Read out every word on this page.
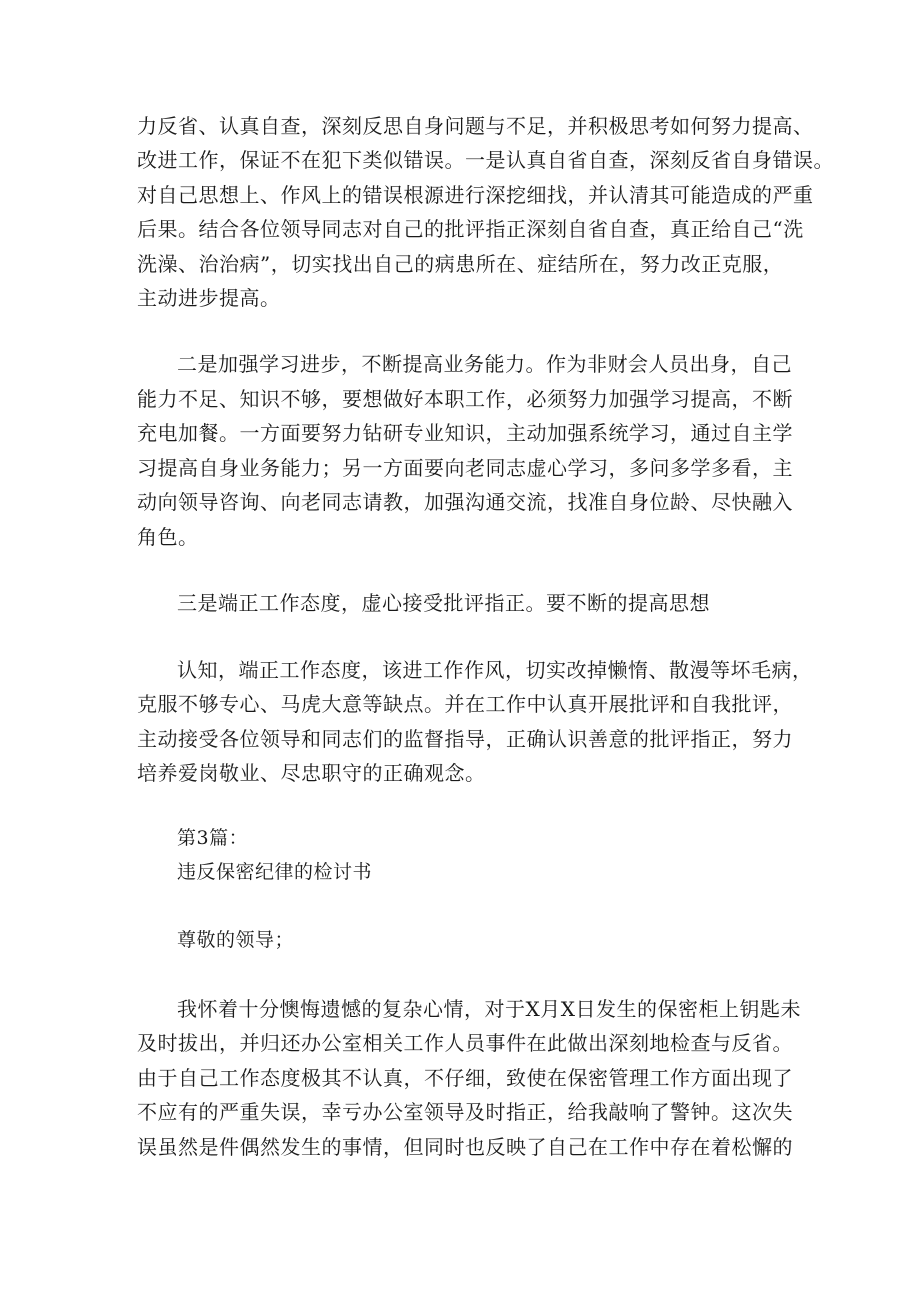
力反省、认真自查，深刻反思自身问题与不足，并积极思考如何努力提高、
改进工作，保证不在犯下类似错误。一是认真自省自查，深刻反省自身错误。
对自己思想上、作风上的错误根源进行深挖细找，并认清其可能造成的严重
后果。结合各位领导同志对自己的批评指正深刻自省自查，真正给自己“洗
洗澡、治治病”，切实找出自己的病患所在、症结所在，努力改正克服，
主动进步提高。
二是加强学习进步，不断提高业务能力。作为非财会人员出身，自己
能力不足、知识不够，要想做好本职工作，必须努力加强学习提高，不断
充电加餐。一方面要努力钻研专业知识，主动加强系统学习，通过自主学
习提高自身业务能力；另一方面要向老同志虚心学习，多问多学多看，主
动向领导咨询、向老同志请教，加强沟通交流，找准自身位龄、尽快融入
角色。
三是端正工作态度，虚心接受批评指正。要不断的提高思想
认知，端正工作态度，该进工作作风，切实改掉懒惰、散漫等坏毛病，
克服不够专心、马虎大意等缺点。并在工作中认真开展批评和自我批评，
主动接受各位领导和同志们的监督指导，正确认识善意的批评指正，努力
培养爱岗敬业、尽忠职守的正确观念。
第3篇：
违反保密纪律的检讨书
尊敬的领导；
我怀着十分懊悔遗憾的复杂心情，对于X月X日发生的保密柜上钥匙未
及时拔出，并归还办公室相关工作人员事件在此做出深刻地检查与反省。
由于自己工作态度极其不认真，不仔细，致使在保密管理工作方面出现了
不应有的严重失误，幸亏办公室领导及时指正，给我敲响了警钟。这次失
误虽然是件偶然发生的事情，但同时也反映了自己在工作中存在着松懈的
